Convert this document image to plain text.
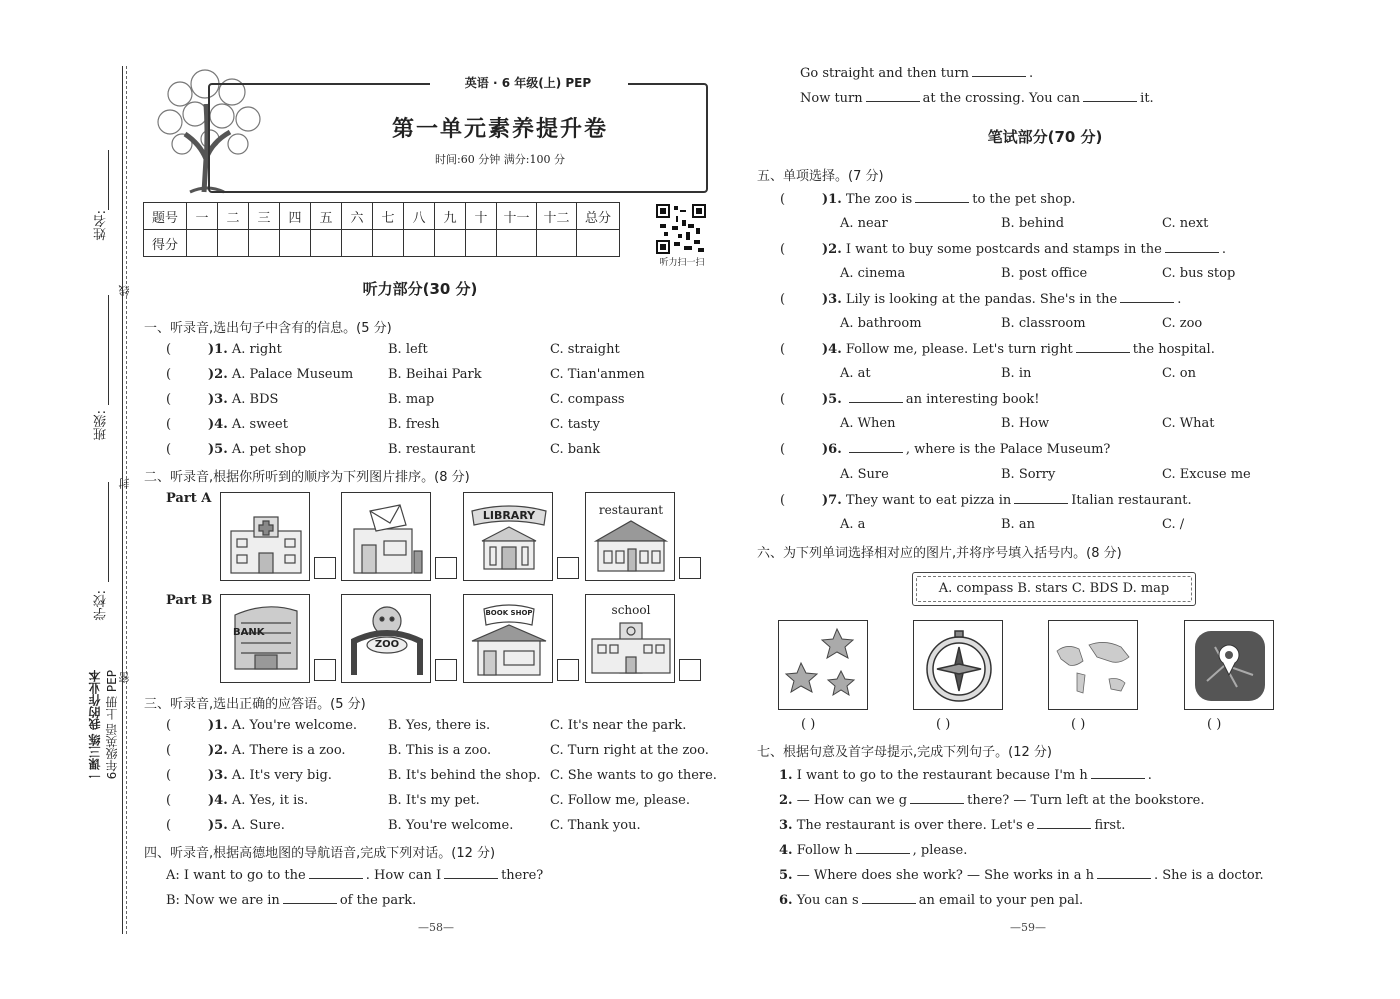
姓名:
线
班级:
封
学校:
一课三练 我的作业本 6年级英语 上册 PEP 密
英语 · 6 年级(上) PEP
第一单元素养提升卷
时间:60 分钟 满分:100 分
题号	一	二	三	四	五	六	七	八	九	十	十一	十二	总分
得分													
听力扫一扫
听力部分(30 分)
一、听录音,选出句子中含有的信息。(5 分)
(	)1. A. right	B. left	C. straight
(	)2. A. Palace Museum	B. Beihai Park	C. Tian'anmen
(	)3. A. BDS	B. map	C. compass
(	)4. A. sweet	B. fresh	C. tasty
(	)5. A. pet shop	B. restaurant	C. bank
二、听录音,根据你所听到的顺序为下列图片排序。(8 分)
Part A
Part B
LIBRARY	restaurant
BANK
ZOO
BOOK SHOP	school
三、听录音,选出正确的应答语。(5 分)
(	)1. A. You're welcome. B. Yes, there is.	C. It's near the park.
(	)2. A. There is a zoo.	B. This is a zoo.	C. Turn right at the zoo.
(	)3. A. It's very big.	B. It's behind the shop. C. She wants to go there.
(	)4. A. Yes, it is.	B. It's my pet.	C. Follow me, please.
(	)5. A. Sure.	B. You're welcome.	C. Thank you.
四、听录音,根据高德地图的导航语音,完成下列对话。(12 分)
A: I want to go to the	. How can I	there?
B: Now we are in	of the park.
—58—
Go straight and then turn	.
Now turn	at the crossing. You can	it.
笔试部分(70 分)
五、单项选择。(7 分)
(	)1. The zoo is	to the pet shop.
A. near	B. behind	C. next
(	)2. I want to buy some postcards and stamps in the	.
A. cinema	B. post office	C. bus stop
(	)3. Lily is looking at the pandas. She's in the	.
A. bathroom	B. classroom	C. zoo
(	)4. Follow me, please. Let's turn right	the hospital.
A. at	B. in	C. on
(	)5.	an interesting book!
A. When	B. How	C. What
(	)6.	, where is the Palace Museum?
A. Sure	B. Sorry	C. Excuse me
(	)7. They want to eat pizza in	Italian restaurant.
A. a	B. an	C. /
六、为下列单词选择相对应的图片,并将序号填入括号内。(8 分)
A. compass B. stars C. BDS D. map
( )	( )	( )	( )
七、根据句意及首字母提示,完成下列句子。(12 分)
1. I want to go to the restaurant because I'm h	.
2. — How can we g	there? — Turn left at the bookstore.
3. The restaurant is over there. Let's e	first.
4. Follow h	, please.
5. — Where does she work? — She works in a h	. She is a doctor.
6. You can s	an email to your pen pal.
—59—
